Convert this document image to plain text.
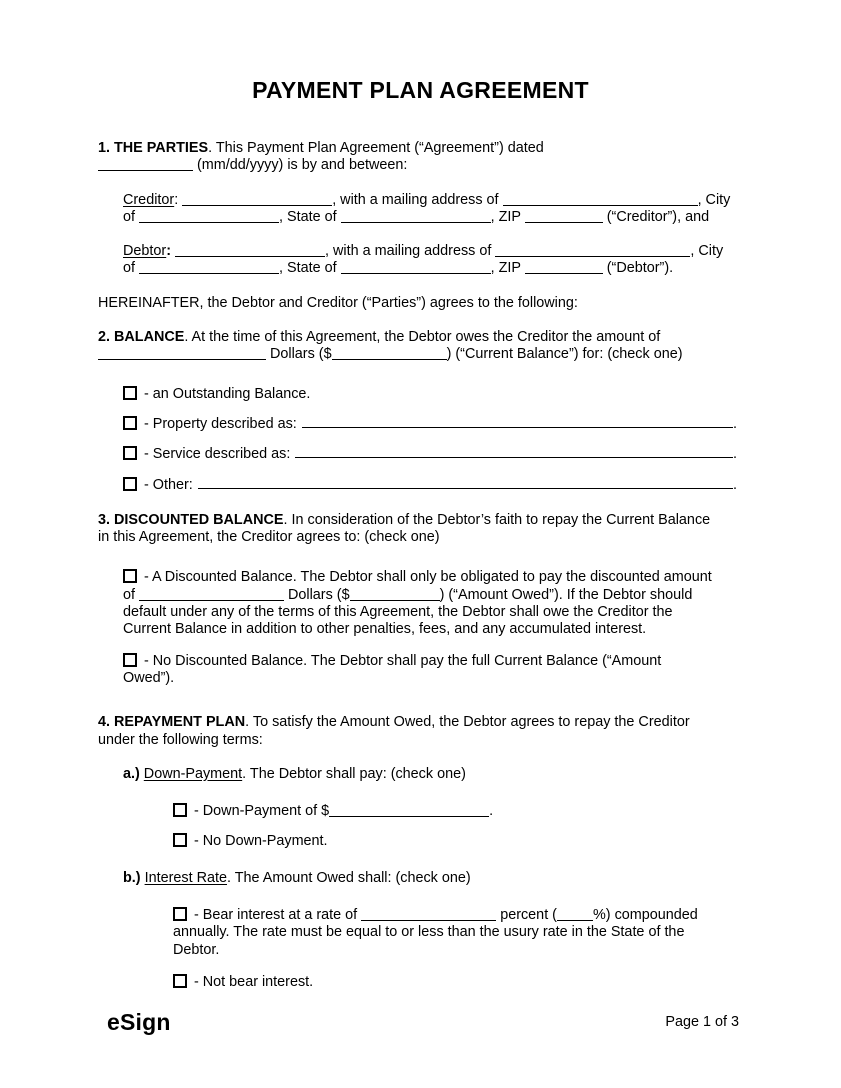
PAYMENT PLAN AGREEMENT
1. THE PARTIES. This Payment Plan Agreement (“Agreement”) dated
(mm/dd/yyyy) is by and between:
Creditor:	, with a mailing address of	, City
of	, State of	, ZIP	(“Creditor”), and
Debtor:	, with a mailing address of	, City
of	, State of	, ZIP	(“Debtor”).
HEREINAFTER, the Debtor and Creditor (“Parties”) agrees to the following:
2. BALANCE. At the time of this Agreement, the Debtor owes the Creditor the amount of
Dollars ($	) (“Current Balance”) for: (check one)
- an Outstanding Balance.
- Property described as:	.
- Service described as:	.
- Other:	.
3. DISCOUNTED BALANCE. In consideration of the Debtor’s faith to repay the Current Balance
in this Agreement, the Creditor agrees to: (check one)
- A Discounted Balance. The Debtor shall only be obligated to pay the discounted amount
of	Dollars ($	) (“Amount Owed”). If the Debtor should
default under any of the terms of this Agreement, the Debtor shall owe the Creditor the
Current Balance in addition to other penalties, fees, and any accumulated interest.
- No Discounted Balance. The Debtor shall pay the full Current Balance (“Amount
Owed”).
4. REPAYMENT PLAN. To satisfy the Amount Owed, the Debtor agrees to repay the Creditor
under the following terms:
a.) Down-Payment. The Debtor shall pay: (check one)
- Down-Payment of $	.
- No Down-Payment.
b.) Interest Rate. The Amount Owed shall: (check one)
- Bear interest at a rate of	percent (	%) compounded
annually. The rate must be equal to or less than the usury rate in the State of the
Debtor.
- Not bear interest.
eSign	Page 1 of 3
